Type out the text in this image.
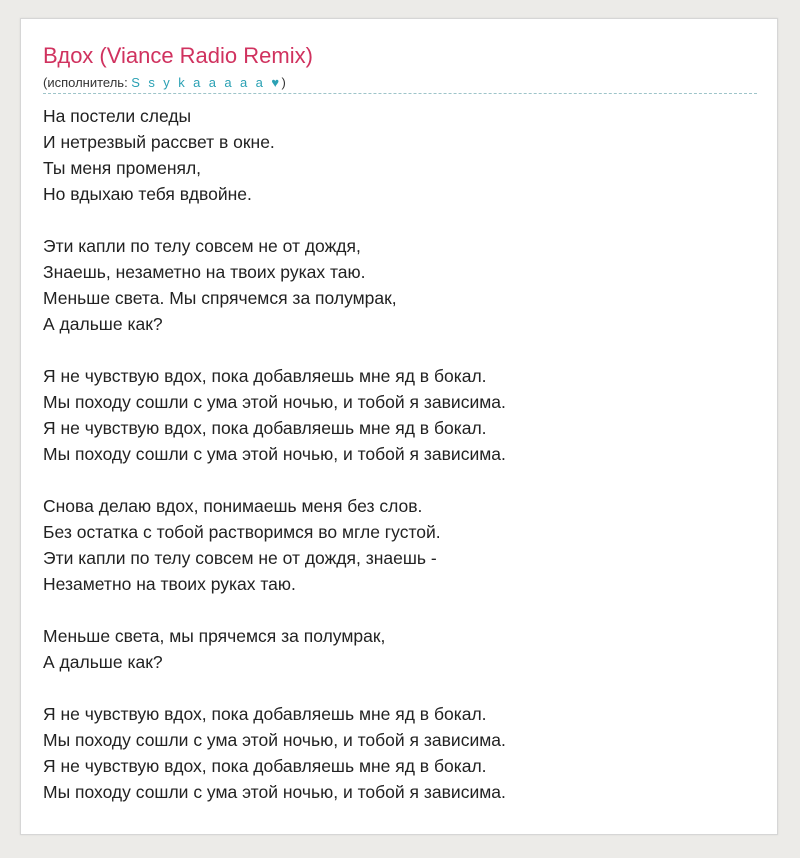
Вдох (Viance Radio Remix)
(исполнитель: S s y k a a a a a ♥)
На постели следы
И нетрезвый рассвет в окне.
Ты меня променял,
Но вдыхаю тебя вдвойне.
Эти капли по телу совсем не от дождя,
Знаешь, незаметно на твоих руках таю.
Меньше света. Мы спрячемся за полумрак,
А дальше как?
Я не чувствую вдох, пока добавляешь мне яд в бокал.
Мы походу сошли с ума этой ночью, и тобой я зависима.
Я не чувствую вдох, пока добавляешь мне яд в бокал.
Мы походу сошли с ума этой ночью, и тобой я зависима.
Снова делаю вдох, понимаешь меня без слов.
Без остатка с тобой растворимся во мгле густой.
Эти капли по телу совсем не от дождя, знаешь -
Незаметно на твоих руках таю.
Меньше света, мы прячемся за полумрак,
А дальше как?
Я не чувствую вдох, пока добавляешь мне яд в бокал.
Мы походу сошли с ума этой ночью, и тобой я зависима.
Я не чувствую вдох, пока добавляешь мне яд в бокал.
Мы походу сошли с ума этой ночью, и тобой я зависима.
